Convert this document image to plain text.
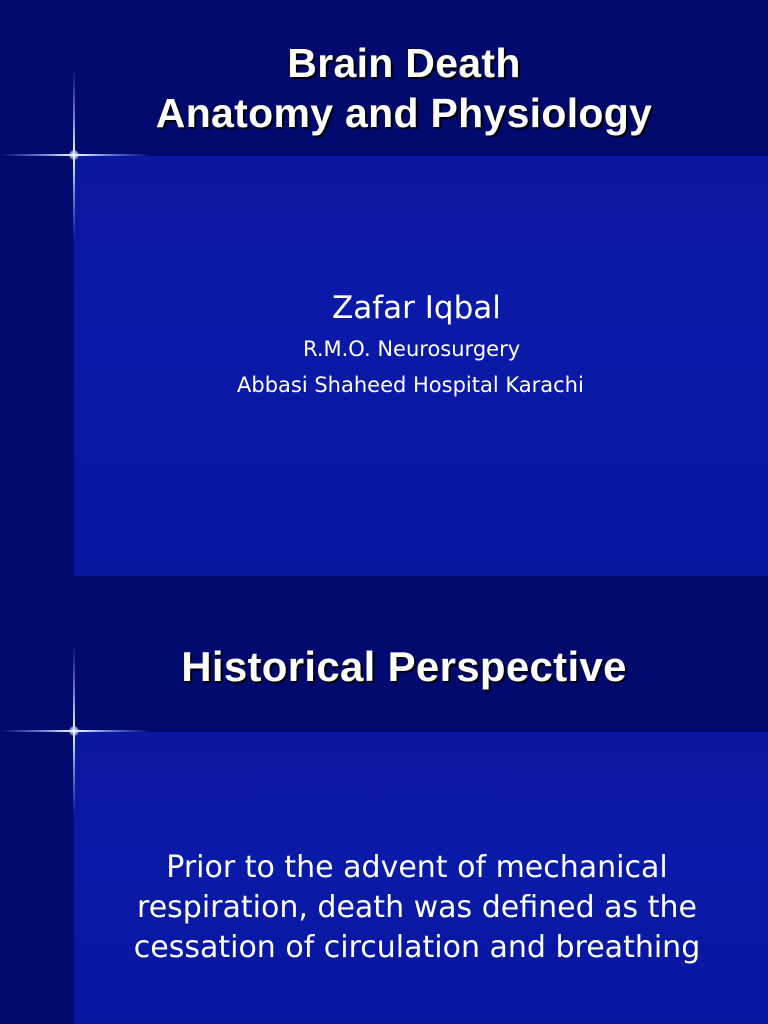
Brain Death
Anatomy and Physiology
Zafar Iqbal
R.M.O. Neurosurgery
Abbasi Shaheed Hospital Karachi
Historical Perspective
Prior to the advent of mechanical respiration, death was defined as the cessation of circulation and breathing
